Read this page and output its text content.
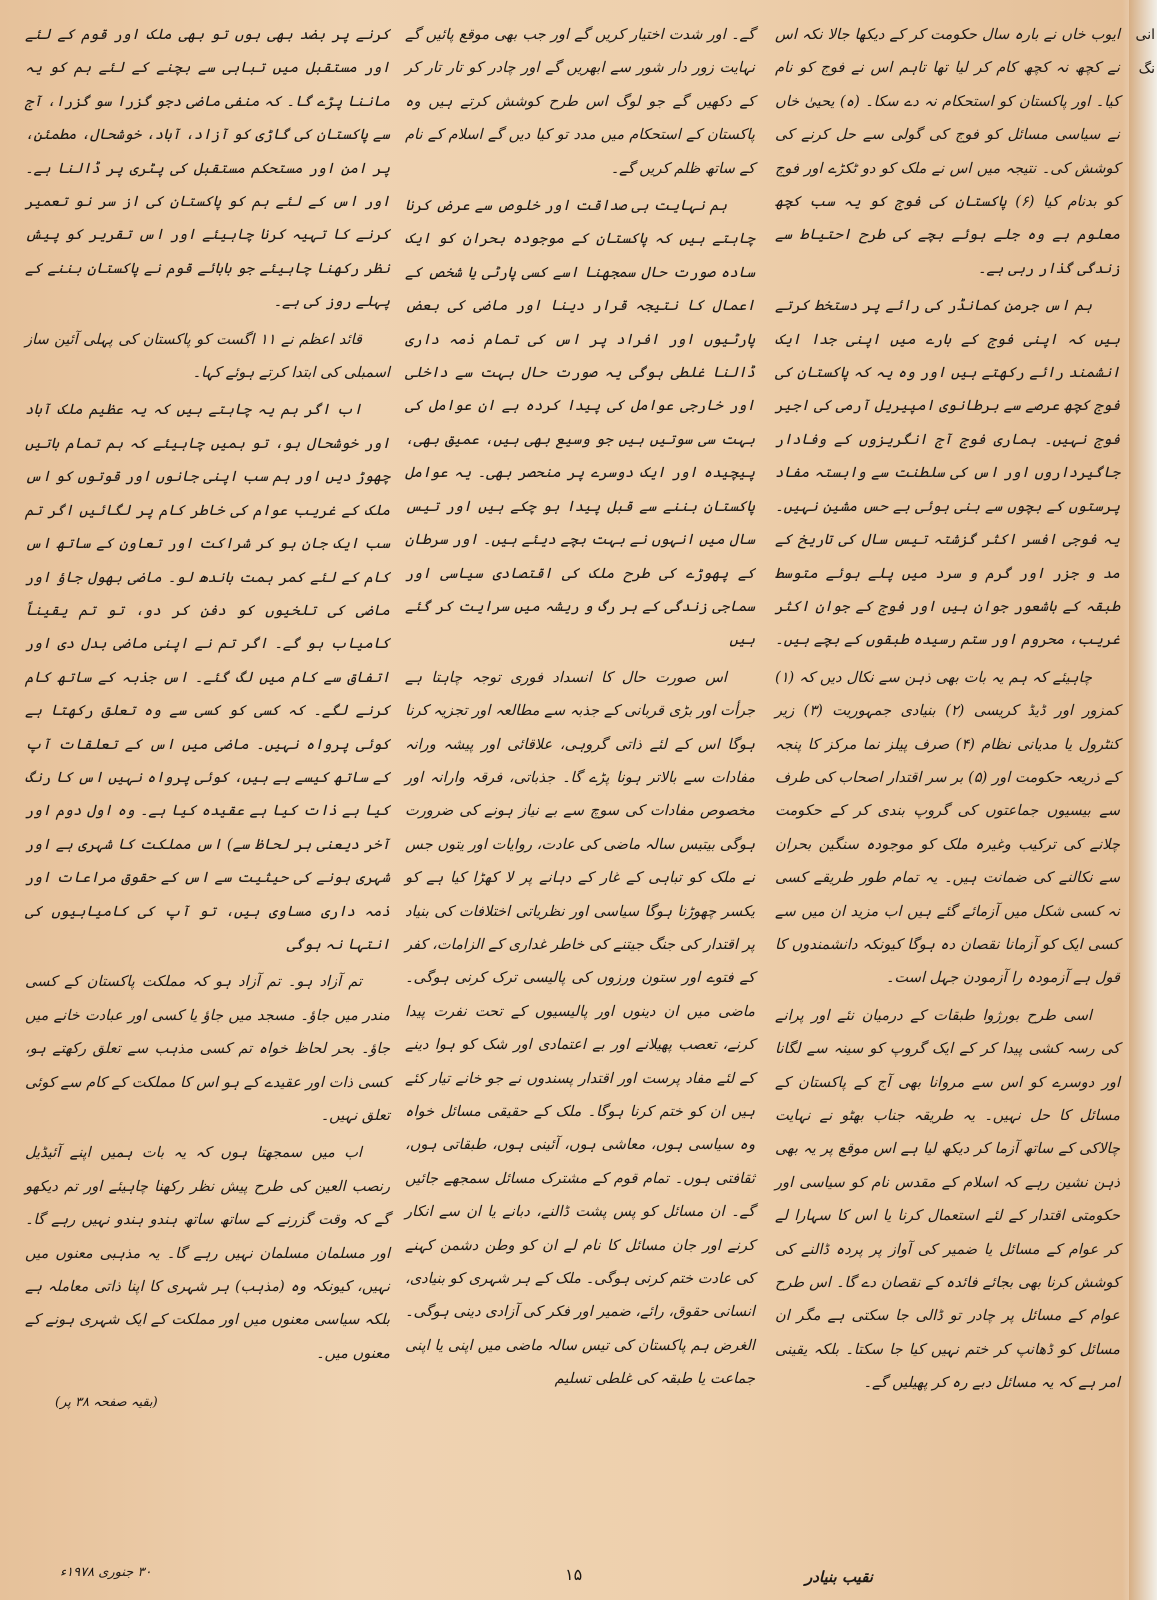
ایوب خاں نے بارہ سال حکومت کر کے دیکھا جالا نکہ اس نے کچھ نہ کچھ کام کر لیا تھا تاہم اس نے فوج کو نام کیا۔ اور پاکستان کو استحکام نہ دے سکا۔ (ہ) یحییٰ خاں نے سیاسی مسائل کو فوج کی گولی سے حل کرنے کی کوشش کی۔ نتیجہ میں اس نے ملک کو دو ٹکڑے اور فوج کو بدنام کیا (۶) پاکستان کی فوج کو یہ سب کچھ معلوم ہے وہ جلے ہوئے بچے کی طرح احتیاط سے زندگی گذار رہی ہے۔

ہم اس جرمن کمانڈر کی رائے پر دستخط کرتے ہیں کہ اپنی فوج کے بارے میں اپنی جدا ایک انشمند رائے رکھتے ہیں اور وہ یہ کہ پاکستان کی فوج کچھ عرصے سے برطانوی امپیریل آرمی کی اجیر فوج نہیں۔ ہماری فوج آج انگریزوں کے وفادار جاگیرداروں اور اس کی سلطنت سے وابستہ مفاد پرستوں کے بچوں سے بنی ہوئی بے حس مشین نہیں۔ یہ فوجی افسر اکثر گزشتہ تیس سال کی تاریخ کے مد و جزر اور گرم و سرد میں پلے ہوئے متوسط طبقہ کے باشعور جوان ہیں اور فوج کے جوان اکثر غریب، محروم اور ستم رسیدہ طبقوں کے بچے ہیں۔

چاہیئے کہ ہم یہ بات بھی ذہن سے نکال دیں کہ (۱) کمزور اور ڈیڈ کریسی (۲) بنیادی جمہوریت (۳) زیر کنٹرول یا مدیانی نظام (۴) صرف پیلز نما مرکز کا پنجہ کے ذریعہ حکومت اور (۵) بر سر اقتدار اصحاب کی طرف سے بیسیوں جماعتوں کی گروپ بندی کر کے حکومت چلانے کی ترکیب وغیرہ ملک کو موجودہ سنگین بحران سے نکالنے کی ضمانت ہیں۔ یہ تمام طور طریقے کسی نہ کسی شکل میں آزمائے گئے ہیں اب مزید ان میں سے کسی ایک کو آزمانا نقصان دہ ہوگا کیونکہ دانشمندوں کا قول ہے آزمودہ را آزمودن جہل است۔

اسی طرح بورژوا طبقات کے درمیان نئے اور پرانے کی رسہ کشی پیدا کر کے ایک گروپ کو سینہ سے لگانا اور دوسرے کو اس سے مروانا بھی آج کے پاکستان کے مسائل کا حل نہیں۔ یہ طریقہ جناب بھٹو نے نہایت چالاکی کے ساتھ آزما کر دیکھ لیا ہے اس موقع پر یہ بھی ذہن نشین رہے کہ اسلام کے مقدس نام کو سیاسی اور حکومتی اقتدار کے لئے استعمال کرنا یا اس کا سہارا لے کر عوام کے مسائل یا ضمیر کی آواز پر پردہ ڈالنے کی کوشش کرنا بھی بجائے فائدہ کے نقصان دے گا۔ اس طرح عوام کے مسائل پر چادر تو ڈالی جا سکتی ہے مگر ان مسائل کو ڈھانپ کر ختم نہیں کیا جا سکتا۔ بلکہ یقینی امر ہے کہ یہ مسائل دبے رہ کر پھیلیں گے۔

گے۔ اور شدت اختیار کریں گے اور جب بھی موقع پائیں گے نہایت زور دار شور سے ابھریں گے اور چادر کو تار تار کر کے دکھیں گے جو لوگ اس طرح کوشش کرتے ہیں وہ پاکستان کے استحکام میں مدد تو کیا دیں گے اسلام کے نام کے ساتھ ظلم کریں گے۔

ہم نہایت ہی صداقت اور خلوص سے عرض کرنا چاہتے ہیں کہ پاکستان کے موجودہ بحران کو ایک سادہ صورت حال سمجھنا اسے کسی پارٹی یا شخص کے اعمال کا نتیجہ قرار دینا اور ماضی کی بعض پارٹیوں اور افراد پر اس کی تمام ذمہ داری ڈالنا غلطی ہوگی یہ صورت حال بہت سے داخلی اور خارجی عوامل کی پیدا کردہ ہے ان عوامل کی بہت سی سوتیں ہیں جو وسیع بھی ہیں، عمیق بھی، پیچیدہ اور ایک دوسرے پر منحصر بھی۔ یہ عوامل پاکستان بننے سے قبل پیدا ہو چکے ہیں اور تیس سال میں انہوں نے بہت بچے دیئے ہیں۔ اور سرطان کے پھوڑے کی طرح ملک کی اقتصادی سیاسی اور سماجی زندگی کے ہر رگ و ریشہ میں سرایت کر گئے ہیں

اس صورت حال کا انسداد فوری توجہ چاہتا ہے جرأت اور بڑی قربانی کے جذبہ سے مطالعہ اور تجزیہ کرنا ہوگا اس کے لئے ذاتی گروہی، علاقائی اور پیشہ ورانہ مفادات سے بالاتر ہونا پڑے گا۔ جذباتی، فرقہ وارانہ اور مخصوص مفادات کی سوچ سے بے نیاز ہونے کی ضرورت ہوگی بیتیس سالہ ماضی کی عادت، روایات اور یتوں جس نے ملک کو تباہی کے غار کے دہانے پر لا کھڑا کیا ہے کو یکسر چھوڑنا ہوگا سیاسی اور نظریاتی اختلافات کی بنیاد پر اقتدار کی جنگ جیتنے کی خاطر غداری کے الزامات، کفر کے فتوے اور ستون ورزوں کی پالیسی ترک کرنی ہوگی۔ ماضی میں ان دینوں اور پالیسیوں کے تحت نفرت پیدا کرنے، تعصب پھیلانے اور بے اعتمادی اور شک کو ہوا دینے کے لئے مفاد پرست اور اقتدار پسندوں نے جو خانے تیار کئے ہیں ان کو ختم کرنا ہوگا۔ ملک کے حقیقی مسائل خواہ وہ سیاسی ہوں، معاشی ہوں، آئینی ہوں، طبقاتی ہوں، ثقافتی ہوں۔ تمام قوم کے مشترک مسائل سمجھے جائیں گے۔ ان مسائل کو پس پشت ڈالنے، دبانے یا ان سے انکار کرنے اور جان مسائل کا نام لے ان کو وطن دشمن کہنے کی عادت ختم کرنی ہوگی۔ ملک کے ہر شہری کو بنیادی، انسانی حقوق، رائے، ضمیر اور فکر کی آزادی دینی ہوگی۔ الغرض ہم پاکستان کی تیس سالہ ماضی میں اپنی یا اپنی جماعت یا طبقہ کی غلطی تسلیم

کرنے پر بضد بھی ہوں تو بھی ملک اور قوم کے لئے اور مستقبل میں تباہی سے بچنے کے لئے ہم کو یہ ماننا پڑے گا۔ کہ منفی ماضی دجو گزرا سو گزرا، آج سے پاکستان کی گاڑی کو آزاد، آباد، خوشحال، مطمئن، پر امن اور مستحکم مستقبل کی پٹری پر ڈالنا ہے۔ اور اس کے لئے ہم کو پاکستان کی از سر نو تعمیر کرنے کا تہیہ کرنا چاہیئے اور اس تقریر کو پیش نظر رکھنا چاہیئے جو بابائے قوم نے پاکستان بننے کے پہلے روز کی ہے۔

قائد اعظم نے ۱۱ اگست کو پاکستان کی پہلی آئین ساز اسمبلی کی ابتدا کرتے ہوئے کہا۔

اب اگر ہم یہ چاہتے ہیں کہ یہ عظیم ملک آباد اور خوشحال ہو، تو ہمیں چاہیئے کہ ہم تمام باتیں چھوڑ دیں اور ہم سب اپنی جانوں اور قوتوں کو اس ملک کے غریب عوام کی خاطر کام پر لگائیں اگر تم سب ایک جان ہو کر شراکت اور تعاون کے ساتھ اس کام کے لئے کمر ہمت باندھ لو۔ ماضی بھول جاؤ اور ماضی کی تلخیوں کو دفن کر دو، تو تم یقیناً کامیاب ہو گے۔ اگر تم نے اپنی ماضی بدل دی اور اتفاق سے کام میں لگ گئے۔ اس جذبہ کے ساتھ کام کرنے لگے۔ کہ کسی کو کسی سے وہ تعلق رکھتا ہے کوئی پرواہ نہیں۔ ماضی میں اس کے تعلقات آپ کے ساتھ کیسے ہے ہیں، کوئی پرواہ نہیں اس کا رنگ کیا ہے ذات کیا ہے عقیدہ کیا ہے۔ وہ اول دوم اور آخر دیعنی ہر لحاظ سے) اس مملکت کا شہری ہے اور شہری ہونے کی حیثیت سے اس کے حقوق مراعات اور ذمہ داری مساوی ہیں، تو آپ کی کامیابیوں کی انتہا نہ ہوگی

تم آزاد ہو۔ تم آزاد ہو کہ مملکت پاکستان کے کسی مندر میں جاؤ۔ مسجد میں جاؤ یا کسی اور عبادت خانے میں جاؤ۔ بحر لحاظ خواہ تم کسی مذہب سے تعلق رکھتے ہو، کسی ذات اور عقیدے کے ہو اس کا مملکت کے کام سے کوئی تعلق نہیں۔

اب میں سمجھتا ہوں کہ یہ بات ہمیں اپنے آئیڈیل رنصب العین کی طرح پیش نظر رکھنا چاہیئے اور تم دیکھو گے کہ وقت گزرنے کے ساتھ ساتھ ہندو ہندو نہیں رہے گا۔ اور مسلمان مسلمان نہیں رہے گا۔ یہ مذہبی معنوں میں نہیں، کیونکہ وہ (مذہب) ہر شہری کا اپنا ذاتی معاملہ ہے بلکہ سیاسی معنوں میں اور مملکت کے ایک شہری ہونے کے معنوں میں۔

(بقیہ صفحہ ۳۸ پر)
انی
نگ
۳۰ جنوری ۱۹۷۸ء	۱۵	نقیب بنیادر
